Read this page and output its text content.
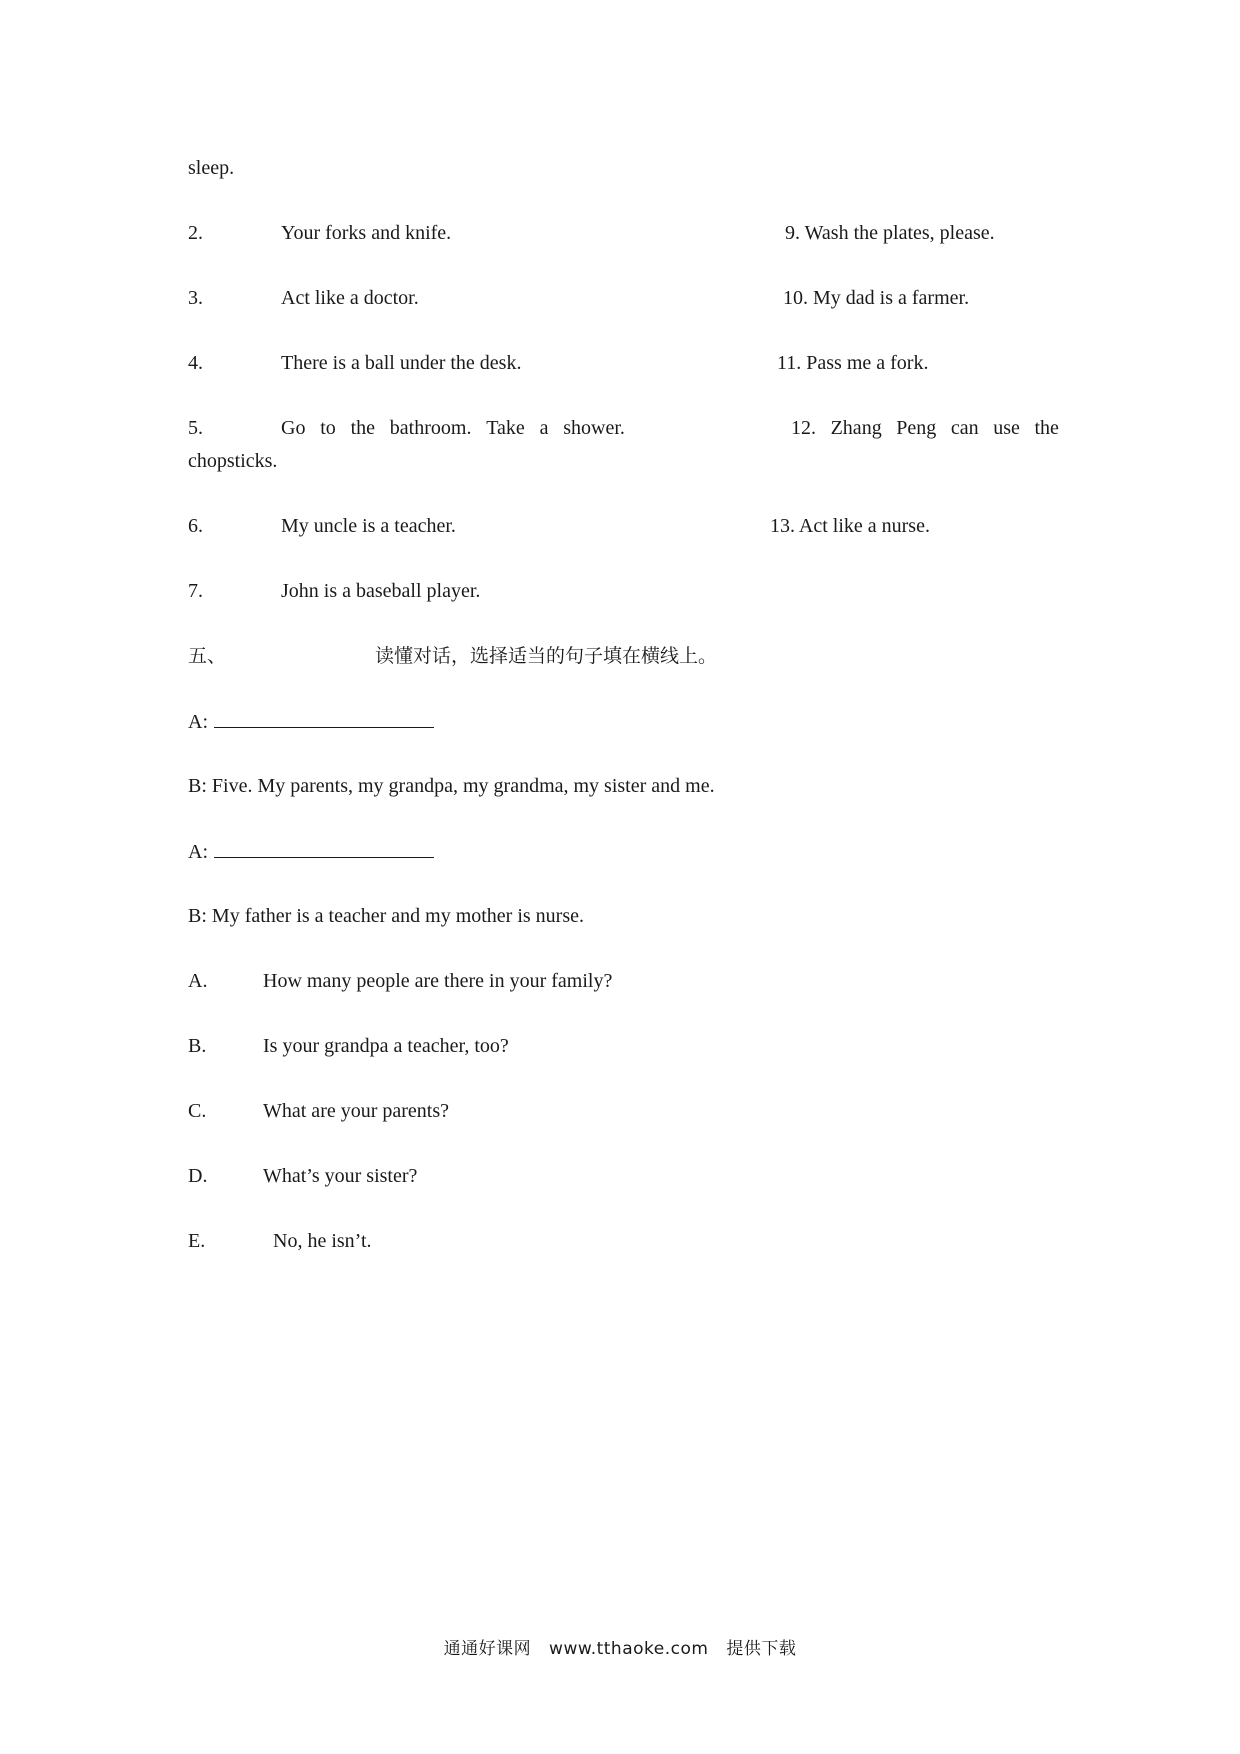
sleep.
2.	Your forks and knife.	9. Wash the plates, please.
3.	Act like a doctor.	10. My dad is a farmer.
4.	There is a ball under the desk.	11. Pass me a fork.
5.	Go to the bathroom. Take a shower.	12. Zhang Peng can use the
chopsticks.
6.	My uncle is a teacher.	13. Act like a nurse.
7.	John is a baseball player.
五、	读懂对话，选择适当的句子填在横线上。
A:
B: Five. My parents, my grandpa, my grandma, my sister and me.
A:
B: My father is a teacher and my mother is nurse.
A.	How many people are there in your family?
B.	Is your grandpa a teacher, too?
C.	What are your parents?
D.	What’s your sister?
E.	No, he isn’t.
通通好课网 www.tthaoke.com 提供下载
